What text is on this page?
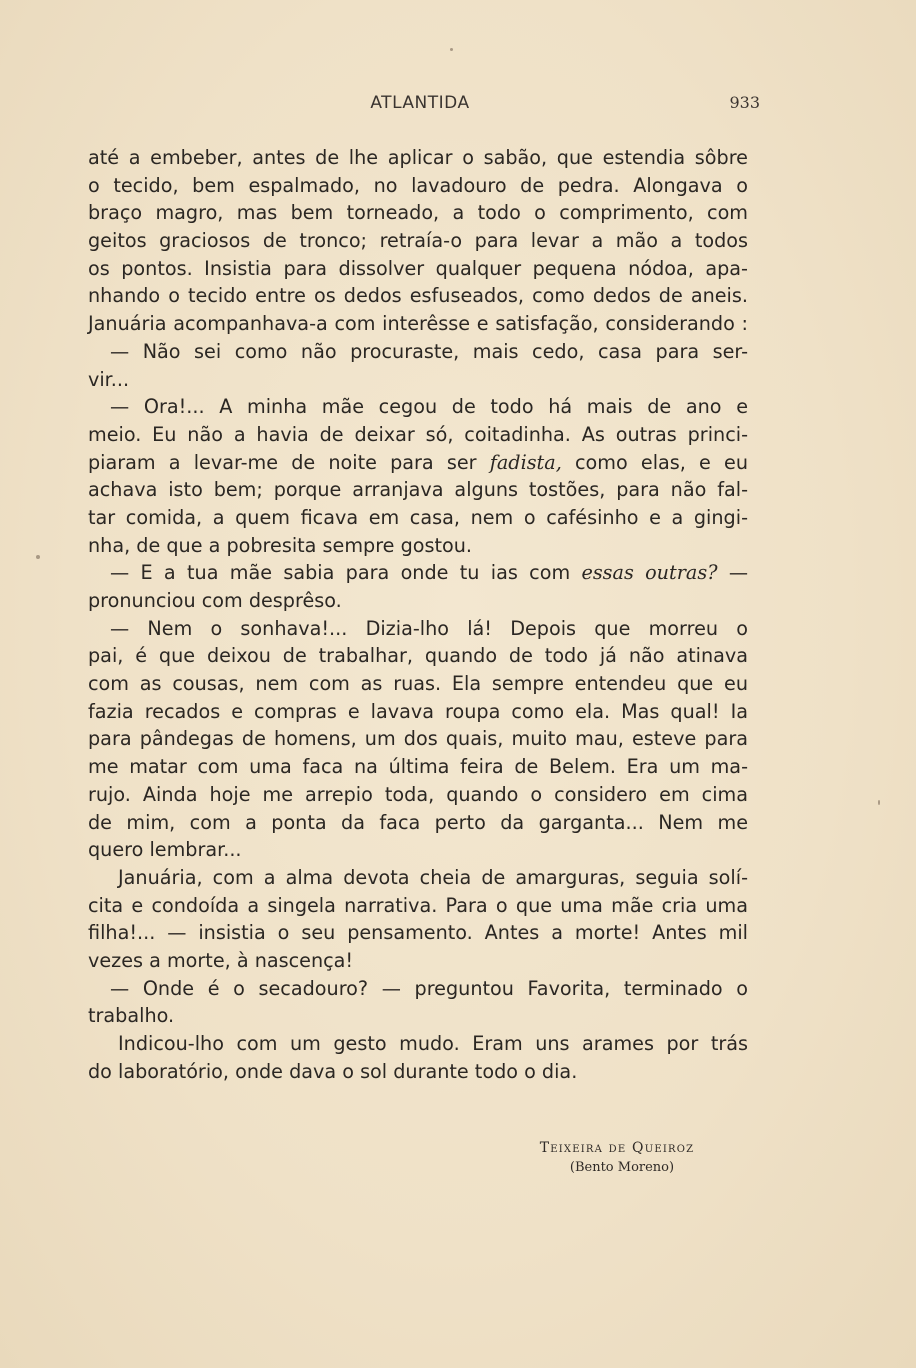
ATLANTIDA	933
até a embeber, antes de lhe aplicar o sabão, que estendia sôbre
o tecido, bem espalmado, no lavadouro de pedra. Alongava o
braço magro, mas bem torneado, a todo o comprimento, com
geitos graciosos de tronco; retraía-o para levar a mão a todos
os pontos. Insistia para dissolver qualquer pequena nódoa, apa-
nhando o tecido entre os dedos esfuseados, como dedos de aneis.
Januária acompanhava-a com interêsse e satisfação, considerando :
— Não sei como não procuraste, mais cedo, casa para ser-
vir...
— Ora!... A minha mãe cegou de todo há mais de ano e
meio. Eu não a havia de deixar só, coitadinha. As outras princi-
piaram a levar-me de noite para ser fadista, como elas, e eu
achava isto bem; porque arranjava alguns tostões, para não fal-
tar comida, a quem ficava em casa, nem o cafésinho e a gingi-
nha, de que a pobresita sempre gostou.
— E a tua mãe sabia para onde tu ias com essas outras? —
pronunciou com desprêso.
— Nem o sonhava!... Dizia-lho lá! Depois que morreu o
pai, é que deixou de trabalhar, quando de todo já não atinava
com as cousas, nem com as ruas. Ela sempre entendeu que eu
fazia recados e compras e lavava roupa como ela. Mas qual! Ia
para pândegas de homens, um dos quais, muito mau, esteve para
me matar com uma faca na última feira de Belem. Era um ma-
rujo. Ainda hoje me arrepio toda, quando o considero em cima
de mim, com a ponta da faca perto da garganta... Nem me
quero lembrar...
Januária, com a alma devota cheia de amarguras, seguia solí-
cita e condoída a singela narrativa. Para o que uma mãe cria uma
filha!... — insistia o seu pensamento. Antes a morte! Antes mil
vezes a morte, à nascença!
— Onde é o secadouro? — preguntou Favorita, terminado o
trabalho.
Indicou-lho com um gesto mudo. Eram uns arames por trás
do laboratório, onde dava o sol durante todo o dia.
Teixeira de Queiroz
(Bento Moreno)
